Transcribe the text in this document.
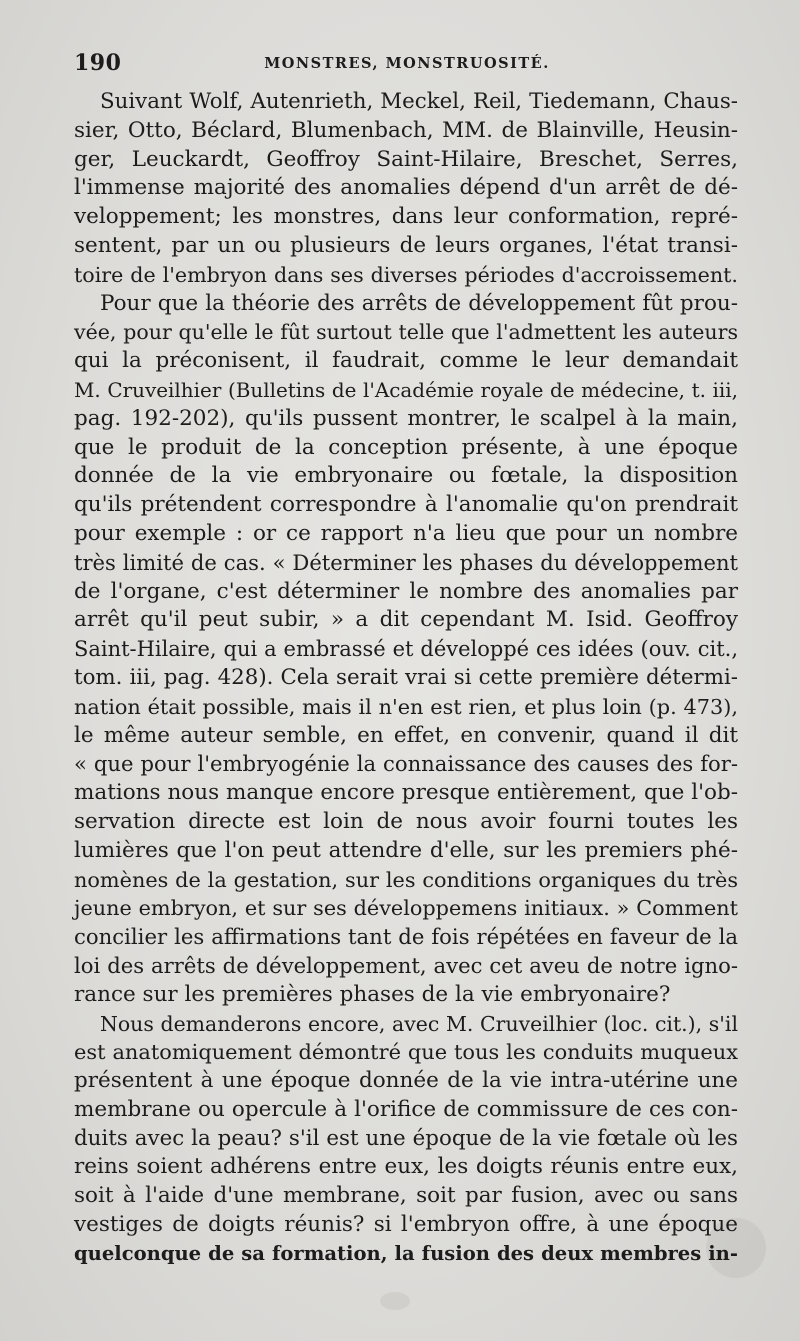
190	MONSTRES, MONSTRUOSITÉ.
Suivant Wolf, Autenrieth, Meckel, Reil, Tiedemann, Chaus-
sier, Otto, Béclard, Blumenbach, MM. de Blainville, Heusin-
ger, Leuckardt, Geoffroy Saint-Hilaire, Breschet, Serres,
l'immense majorité des anomalies dépend d'un arrêt de dé-
veloppement; les monstres, dans leur conformation, repré-
sentent, par un ou plusieurs de leurs organes, l'état transi-
toire de l'embryon dans ses diverses périodes d'accroissement.
Pour que la théorie des arrêts de développement fût prou-
vée, pour qu'elle le fût surtout telle que l'admettent les auteurs
qui la préconisent, il faudrait, comme le leur demandait
M. Cruveilhier (Bulletins de l'Académie royale de médecine, t. iii,
pag. 192-202), qu'ils pussent montrer, le scalpel à la main,
que le produit de la conception présente, à une époque
donnée de la vie embryonaire ou fœtale, la disposition
qu'ils prétendent correspondre à l'anomalie qu'on prendrait
pour exemple : or ce rapport n'a lieu que pour un nombre
très limité de cas. « Déterminer les phases du développement
de l'organe, c'est déterminer le nombre des anomalies par
arrêt qu'il peut subir, » a dit cependant M. Isid. Geoffroy
Saint-Hilaire, qui a embrassé et développé ces idées (ouv. cit.,
tom. iii, pag. 428). Cela serait vrai si cette première détermi-
nation était possible, mais il n'en est rien, et plus loin (p. 473),
le même auteur semble, en effet, en convenir, quand il dit
« que pour l'embryogénie la connaissance des causes des for-
mations nous manque encore presque entièrement, que l'ob-
servation directe est loin de nous avoir fourni toutes les
lumières que l'on peut attendre d'elle, sur les premiers phé-
nomènes de la gestation, sur les conditions organiques du très
jeune embryon, et sur ses développemens initiaux. » Comment
concilier les affirmations tant de fois répétées en faveur de la
loi des arrêts de développement, avec cet aveu de notre igno-
rance sur les premières phases de la vie embryonaire?
Nous demanderons encore, avec M. Cruveilhier (loc. cit.), s'il
est anatomiquement démontré que tous les conduits muqueux
présentent à une époque donnée de la vie intra-utérine une
membrane ou opercule à l'orifice de commissure de ces con-
duits avec la peau? s'il est une époque de la vie fœtale où les
reins soient adhérens entre eux, les doigts réunis entre eux,
soit à l'aide d'une membrane, soit par fusion, avec ou sans
vestiges de doigts réunis? si l'embryon offre, à une époque
quelconque de sa formation, la fusion des deux membres in-
